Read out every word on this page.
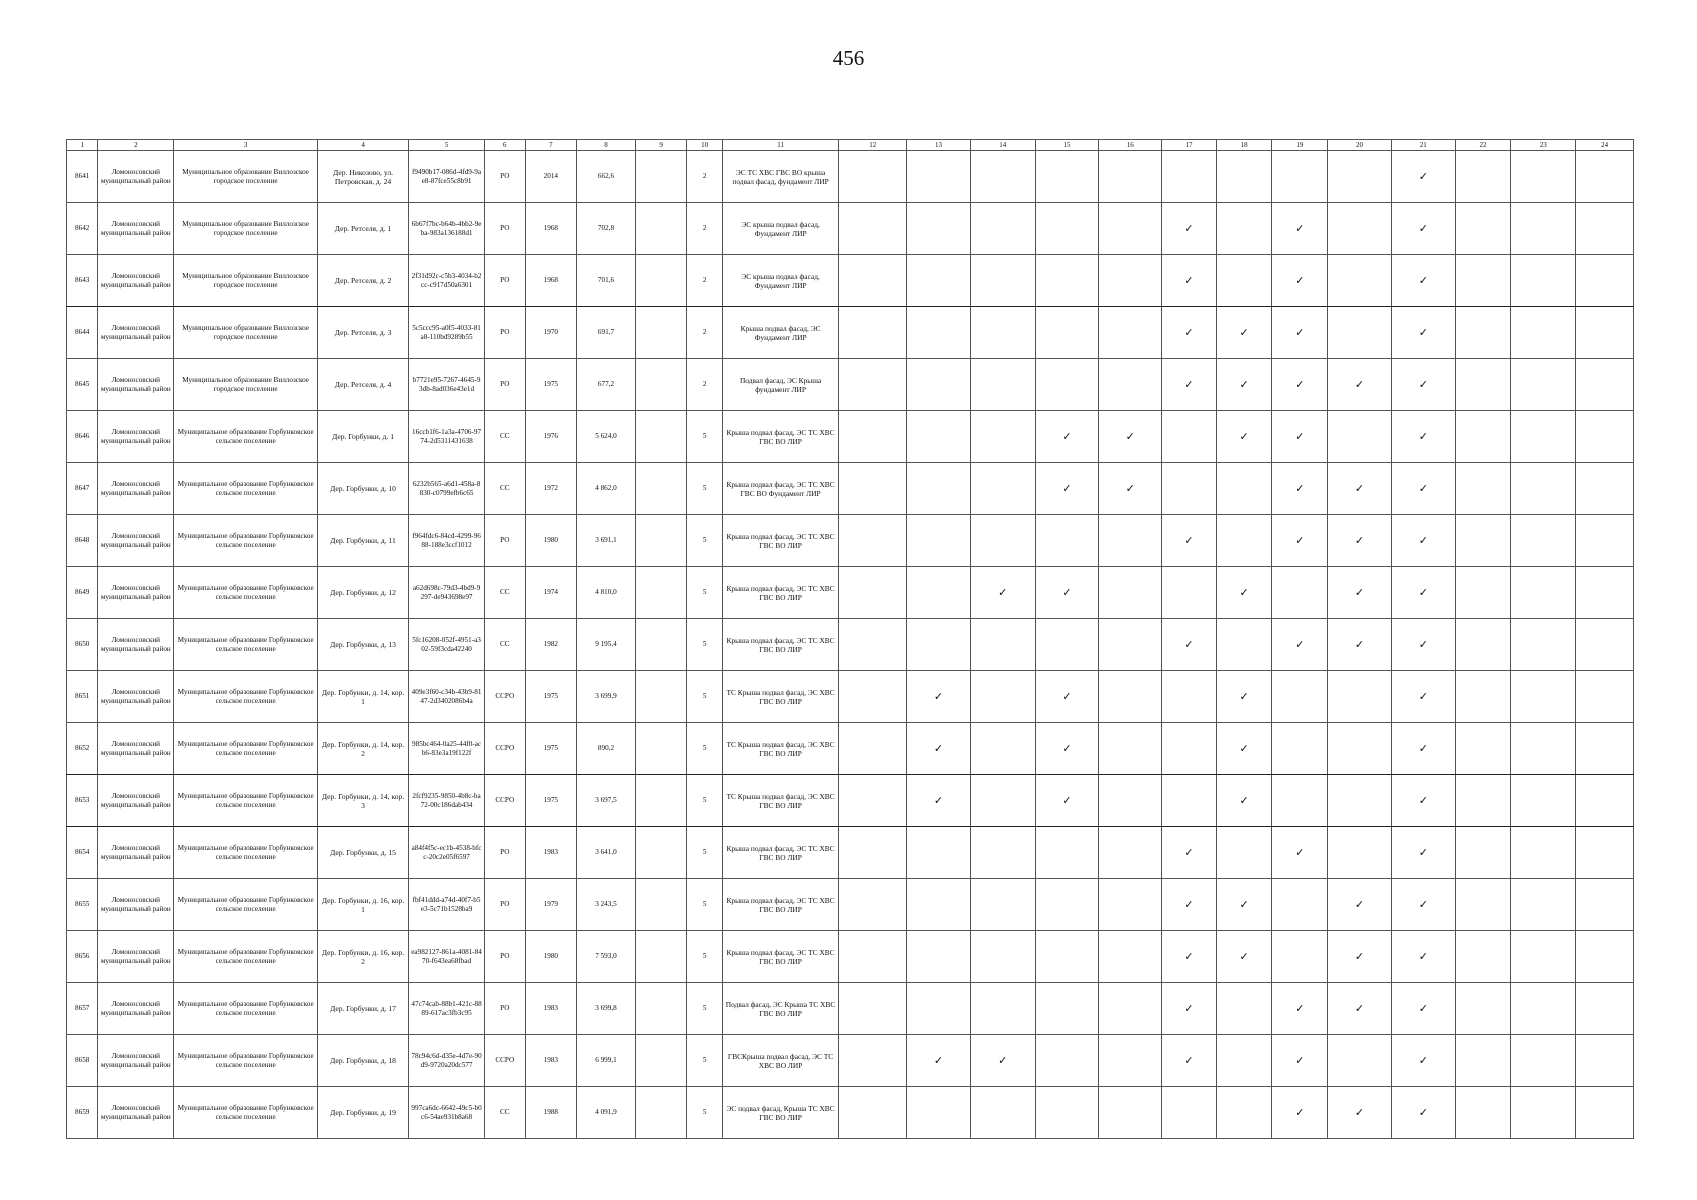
456
1	2	3	4	5	6	7	8	9	10	11	12	13	14	15	16	17	18	19	20	21	22	23	24
8641	Ломоносовский муниципальный район	Муниципальное образование Виллозское городское поселение	Дер. Никозово, ул. Петровская, д. 24	f9490b17-086d-4fd9-9ae8-87fce55c8b91	РО	2014	662,6		2	ЭС ТС ХВС ГВС ВО крыша подвал фасад, фундамент ЛИР										✓			
8642	Ломоносовский муниципальный район	Муниципальное образование Виллозское городское поселение	Дер. Ретселя, д. 1	6b67f7bc-b64b-4bb2-9eba-983a136188d1	РО	1968	702,8		2	ЭС крыша подвал фасад, Фундамент ЛИР						✓		✓		✓			
8643	Ломоносовский муниципальный район	Муниципальное образование Виллозское городское поселение	Дер. Ретселя, д. 2	2f31d92c-c5b3-4034-b2cc-c917d50a6301	РО	1968	701,6		2	ЭС крыша подвал фасад, Фундамент ЛИР						✓		✓		✓			
8644	Ломоносовский муниципальный район	Муниципальное образование Виллозское городское поселение	Дер. Ретселя, д. 3	5c5ccc95-a0f5-4033-81a8-110bd9289b55	РО	1970	691,7		2	Крыша подвал фасад, ЭС Фундамент ЛИР						✓	✓	✓		✓			
8645	Ломоносовский муниципальный район	Муниципальное образование Виллозское городское поселение	Дер. Ретселя, д. 4	b7721e95-7267-4645-93db-8ad036e43e1d	РО	1975	677,2		2	Подвал фасад, ЭС Крыша фундамент ЛИР						✓	✓	✓	✓	✓			
8646	Ломоносовский муниципальный район	Муниципальное образование Горбунковское сельское поселение	Дер. Горбунки, д. 1	16ccb1f6-1a3a-4706-9774-2d5311431638	СС	1976	5 624,0		5	Крыша подвал фасад, ЭС ТС ХВС ГВС ВО ЛИР				✓	✓		✓	✓		✓			
8647	Ломоносовский муниципальный район	Муниципальное образование Горбунковское сельское поселение	Дер. Горбунки, д. 10	6232b565-a6d1-458a-8830-c0799efb6c65	СС	1972	4 862,0		5	Крыша подвал фасад, ЭС ТС ХВС ГВС ВО Фундамент ЛИР				✓	✓			✓	✓	✓			
8648	Ломоносовский муниципальный район	Муниципальное образование Горбунковское сельское поселение	Дер. Горбунки, д. 11	f964fdc6-84cd-4299-9688-188e3ccf1012	РО	1980	3 691,1		5	Крыша подвал фасад, ЭС ТС ХВС ГВС ВО ЛИР						✓		✓	✓	✓			
8649	Ломоносовский муниципальный район	Муниципальное образование Горбунковское сельское поселение	Дер. Горбунки, д. 12	a62d698c-79d3-4bd9-9297-de943698e97	СС	1974	4 810,0		5	Крыша подвал фасад, ЭС ТС ХВС ГВС ВО ЛИР			✓	✓			✓		✓	✓			
8650	Ломоносовский муниципальный район	Муниципальное образование Горбунковское сельское поселение	Дер. Горбунки, д. 13	5fc16208-052f-4951-a302-59f3cda42240	СС	1982	9 195,4		5	Крыша подвал фасад, ЭС ТС ХВС ГВС ВО ЛИР						✓		✓	✓	✓			
8651	Ломоносовский муниципальный район	Муниципальное образование Горбунковское сельское поселение	Дер. Горбунки, д. 14, кор. 1	409e3f60-c34b-43b9-8147-2d3402086b4a	ССРО	1975	3 699,9		5	ТС Крыша подвал фасад, ЭС ХВС ГВС ВО ЛИР		✓		✓			✓			✓			
8652	Ломоносовский муниципальный район	Муниципальное образование Горбунковское сельское поселение	Дер. Горбунки, д. 14, кор. 2	985bc464-0a25-44f0-acb6-83e3a19f122f	ССРО	1975	890,2		5	ТС Крыша подвал фасад, ЭС ХВС ГВС ВО ЛИР		✓		✓			✓			✓			
8653	Ломоносовский муниципальный район	Муниципальное образование Горбунковское сельское поселение	Дер. Горбунки, д. 14, кор. 3	2fcf9235-9850-4b8c-ba72-00c186dab434	ССРО	1975	3 697,5		5	ТС Крыша подвал фасад, ЭС ХВС ГВС ВО ЛИР		✓		✓			✓			✓			
8654	Ломоносовский муниципальный район	Муниципальное образование Горбунковское сельское поселение	Дер. Горбунки, д. 15	a84f4f5c-ec1b-4538-bfcc-20c2e05f6597	РО	1983	3 641,0		5	Крыша подвал фасад, ЭС ТС ХВС ГВС ВО ЛИР						✓		✓		✓			
8655	Ломоносовский муниципальный район	Муниципальное образование Горбунковское сельское поселение	Дер. Горбунки, д. 16, кор. 1	fbf41ddd-a74d-40f7-b5e3-5c71b1528ba9	РО	1979	3 243,5		5	Крыша подвал фасад, ЭС ТС ХВС ГВС ВО ЛИР						✓	✓		✓	✓			
8656	Ломоносовский муниципальный район	Муниципальное образование Горбунковское сельское поселение	Дер. Горбунки, д. 16, кор. 2	ea982127-861a-4081-8470-f643ea68fbad	РО	1980	7 593,0		5	Крыша подвал фасад, ЭС ТС ХВС ГВС ВО ЛИР						✓	✓		✓	✓			
8657	Ломоносовский муниципальный район	Муниципальное образование Горбунковское сельское поселение	Дер. Горбунки, д. 17	47c74cab-88b1-421c-8889-617ac3fb3c95	РО	1983	3 699,8		5	Подвал фасад, ЭС Крыша ТС ХВС ГВС ВО ЛИР						✓		✓	✓	✓			
8658	Ломоносовский муниципальный район	Муниципальное образование Горбунковское сельское поселение	Дер. Горбунки, д. 18	78c94c6d-d35e-4d7e-90d9-9720a20dc577	ССРО	1983	6 999,1		5	ГВСКрыша подвал фасад, ЭС ТС ХВС ВО ЛИР		✓	✓			✓		✓		✓			
8659	Ломоносовский муниципальный район	Муниципальное образование Горбунковское сельское поселение	Дер. Горбунки, д. 19	997ca6dc-6642-49c5-b0c6-54ae931b8a68	СС	1988	4 091,9		5	ЭС подвал фасад, Крыша ТС ХВС ГВС ВО ЛИР								✓	✓	✓			
